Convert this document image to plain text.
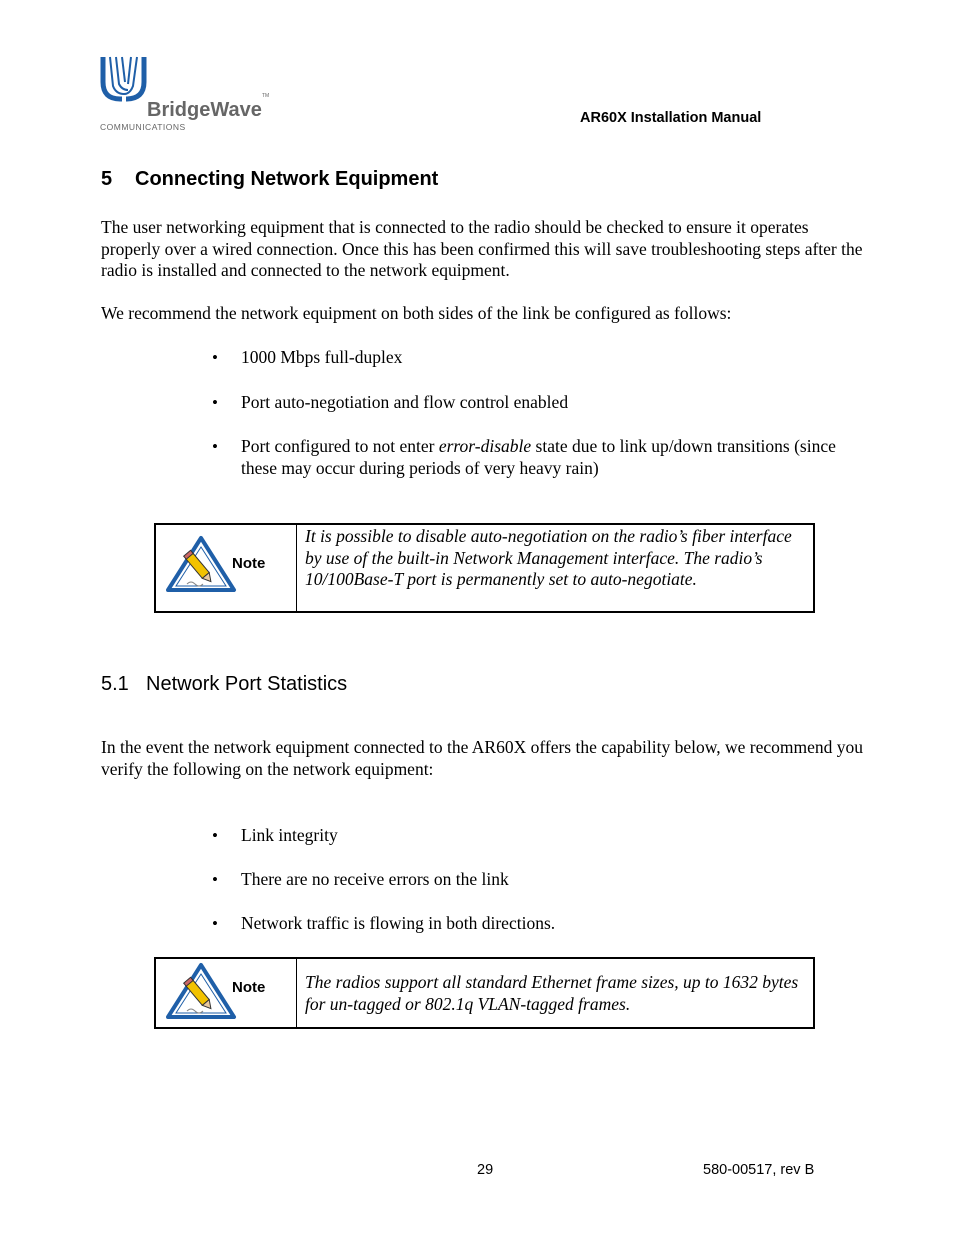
BridgeWave
COMMUNICATIONS
TM
AR60X Installation Manual
5 Connecting Network Equipment
The user networking equipment that is connected to the radio should be checked to ensure it operates properly over a wired connection. Once this has been confirmed this will save troubleshooting steps after the radio is installed and connected to the network equipment.
We recommend the network equipment on both sides of the link be configured as follows:
• 1000 Mbps full-duplex
• Port auto-negotiation and flow control enabled
• Port configured to not enter error-disable state due to link up/down transitions (since these may occur during periods of very heavy rain)
Note
It is possible to disable auto-negotiation on the radio’s fiber interface by use of the built-in Network Management interface. The radio’s 10/100Base-T port is permanently set to auto-negotiate.
5.1 Network Port Statistics
In the event the network equipment connected to the AR60X offers the capability below, we recommend you verify the following on the network equipment:
• Link integrity
• There are no receive errors on the link
• Network traffic is flowing in both directions.
Note	The radios support all standard Ethernet frame sizes, up to 1632 bytes for un-tagged or 802.1q VLAN-tagged frames.
29	580-00517, rev B
